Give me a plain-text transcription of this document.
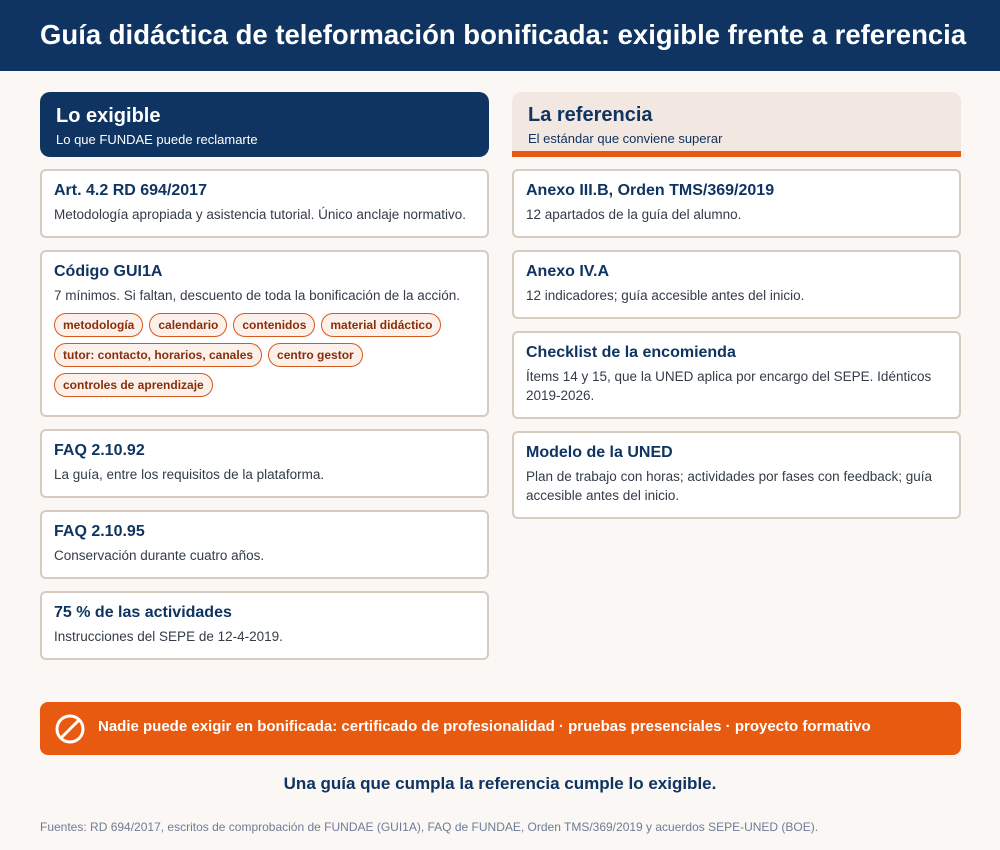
Guía didáctica de teleformación bonificada: exigible frente a referencia
Lo exigible
Lo que FUNDAE puede reclamarte
Art. 4.2 RD 694/2017
Metodología apropiada y asistencia tutorial. Único anclaje normativo.
Código GUI1A
7 mínimos. Si faltan, descuento de toda la bonificación de la acción.
metodología	calendario	contenidos	material didáctico
tutor: contacto, horarios, canales	centro gestor
controles de aprendizaje
FAQ 2.10.92
La guía, entre los requisitos de la plataforma.
FAQ 2.10.95
Conservación durante cuatro años.
75 % de las actividades
Instrucciones del SEPE de 12-4-2019.
La referencia
El estándar que conviene superar
Anexo III.B, Orden TMS/369/2019
12 apartados de la guía del alumno.
Anexo IV.A
12 indicadores; guía accesible antes del inicio.
Checklist de la encomienda
Ítems 14 y 15, que la UNED aplica por encargo del SEPE. Idénticos 2019-2026.
Modelo de la UNED
Plan de trabajo con horas; actividades por fases con feedback; guía accesible antes del inicio.
Nadie puede exigir en bonificada: certificado de profesionalidad · pruebas presenciales · proyecto formativo
Una guía que cumpla la referencia cumple lo exigible.
Fuentes: RD 694/2017, escritos de comprobación de FUNDAE (GUI1A), FAQ de FUNDAE, Orden TMS/369/2019 y acuerdos SEPE-UNED (BOE).
